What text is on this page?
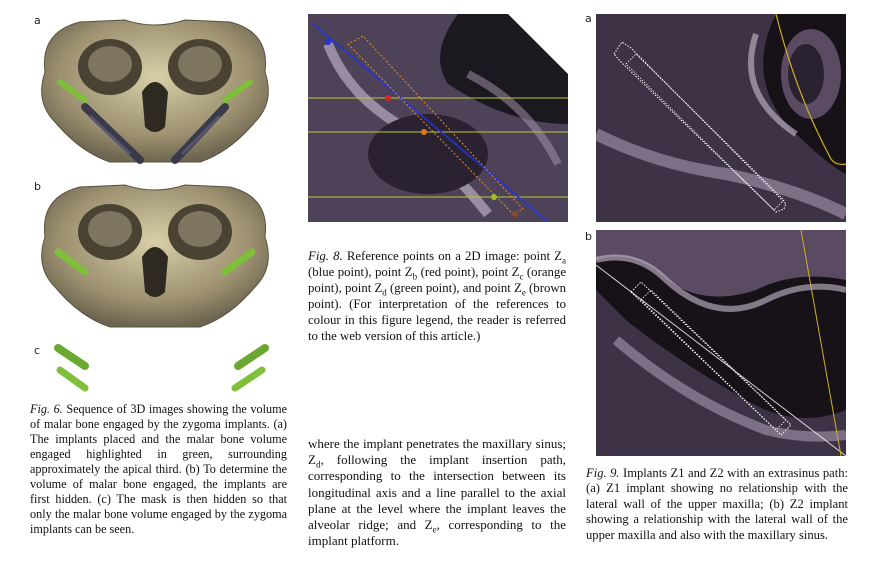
a
b
c

Fig. 6. Sequence of 3D images showing the volume of malar bone engaged by the zygoma implants. (a) The implants placed and the malar bone volume engaged highlighted in green, surrounding approximately the apical third. (b) To determine the volume of malar bone engaged, the implants are first hidden. (c) The mask is then hidden so that only the malar bone volume engaged by the zygoma implants can be seen.

Fig. 8. Reference points on a 2D image: point $Z_a$ (blue point), point $Z_b$ (red point), point $Z_c$ (orange point), point $Z_d$ (green point), and point $Z_e$ (brown point). (For interpretation of the references to colour in this figure legend, the reader is referred to the web version of this article.)

where the implant penetrates the maxillary sinus; $Z_d$, following the implant insertion path, corresponding to the intersection between its longitudinal axis and a line parallel to the axial plane at the level where the implant leaves the alveolar ridge; and $Z_e$, corresponding to the implant platform.
a
b

Fig. 9. Implants Z1 and Z2 with an extrasinus path: (a) Z1 implant showing no relationship with the lateral wall of the upper maxilla; (b) Z2 implant showing a relationship with the lateral wall of the upper maxilla and also with the maxillary sinus.
